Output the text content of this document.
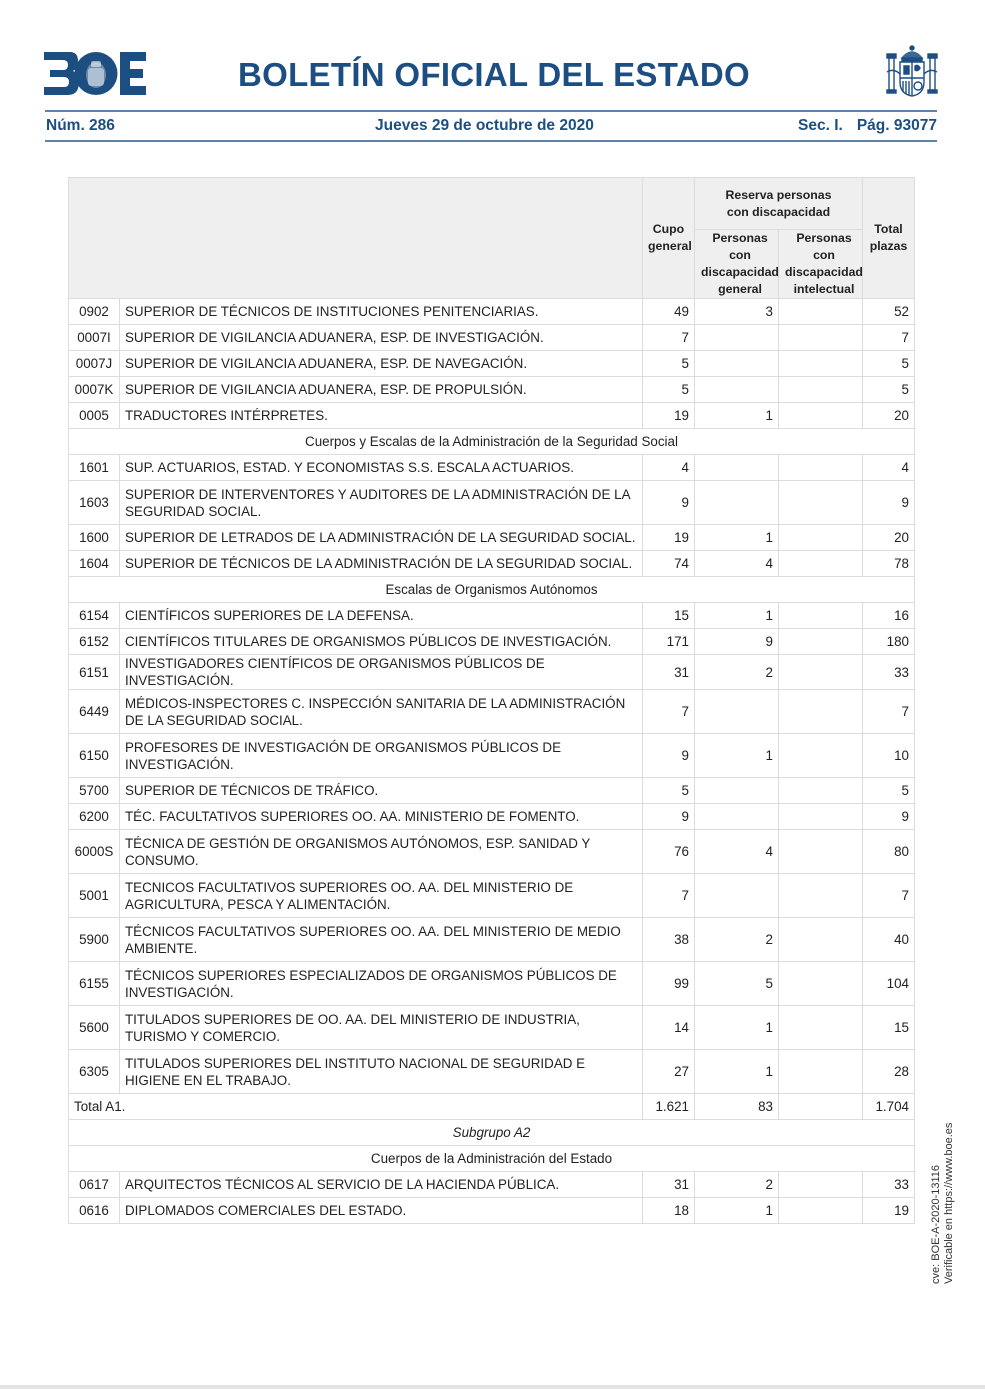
BOLETÍN OFICIAL DEL ESTADO
Núm. 286	Jueves 29 de octubre de 2020	Sec. I. Pág. 93077
		Cupo general	Reserva personas con discapacidad		Total plazas

			Personas con discapacidad general	Personas con discapacidad intelectual	

0902	SUPERIOR DE TÉCNICOS DE INSTITUCIONES PENITENCIARIAS.	49	3		52
0007I	SUPERIOR DE VIGILANCIA ADUANERA, ESP. DE INVESTIGACIÓN.	7			7
0007J	SUPERIOR DE VIGILANCIA ADUANERA, ESP. DE NAVEGACIÓN.	5			5
0007K	SUPERIOR DE VIGILANCIA ADUANERA, ESP. DE PROPULSIÓN.	5			5
0005	TRADUCTORES INTÉRPRETES.	19	1		20
Cuerpos y Escalas de la Administración de la Seguridad Social					
1601	SUP. ACTUARIOS, ESTAD. Y ECONOMISTAS S.S. ESCALA ACTUARIOS.	4			4
1603	SUPERIOR DE INTERVENTORES Y AUDITORES DE LA ADMINISTRACIÓN DE LA SEGURIDAD SOCIAL.	9			9
1600	SUPERIOR DE LETRADOS DE LA ADMINISTRACIÓN DE LA SEGURIDAD SOCIAL.	19	1		20
1604	SUPERIOR DE TÉCNICOS DE LA ADMINISTRACIÓN DE LA SEGURIDAD SOCIAL.	74	4		78
Escalas de Organismos Autónomos					
6154	CIENTÍFICOS SUPERIORES DE LA DEFENSA.	15	1		16
6152	CIENTÍFICOS TITULARES DE ORGANISMOS PÚBLICOS DE INVESTIGACIÓN.	171	9		180
6151	INVESTIGADORES CIENTÍFICOS DE ORGANISMOS PÚBLICOS DE INVESTIGACIÓN.	31	2		33
6449	MÉDICOS-INSPECTORES C. INSPECCIÓN SANITARIA DE LA ADMINISTRACIÓN DE LA SEGURIDAD SOCIAL.	7			7
6150	PROFESORES DE INVESTIGACIÓN DE ORGANISMOS PÚBLICOS DE INVESTIGACIÓN.	9	1		10
5700	SUPERIOR DE TÉCNICOS DE TRÁFICO.	5			5
6200	TÉC. FACULTATIVOS SUPERIORES OO. AA. MINISTERIO DE FOMENTO.	9			9
6000S	TÉCNICA DE GESTIÓN DE ORGANISMOS AUTÓNOMOS, ESP. SANIDAD Y CONSUMO.	76	4		80
5001	TECNICOS FACULTATIVOS SUPERIORES OO. AA. DEL MINISTERIO DE AGRICULTURA, PESCA Y ALIMENTACIÓN.	7			7
5900	TÉCNICOS FACULTATIVOS SUPERIORES OO. AA. DEL MINISTERIO DE MEDIO AMBIENTE.	38	2		40
6155	TÉCNICOS SUPERIORES ESPECIALIZADOS DE ORGANISMOS PÚBLICOS DE INVESTIGACIÓN.	99	5		104
5600	TITULADOS SUPERIORES DE OO. AA. DEL MINISTERIO DE INDUSTRIA, TURISMO Y COMERCIO.	14	1		15
6305	TITULADOS SUPERIORES DEL INSTITUTO NACIONAL DE SEGURIDAD E HIGIENE EN EL TRABAJO.	27	1		28
Total A1.		1.621	83		1.704
Subgrupo A2					
Cuerpos de la Administración del Estado					
0617	ARQUITECTOS TÉCNICOS AL SERVICIO DE LA HACIENDA PÚBLICA.	31	2		33
0616	DIPLOMADOS COMERCIALES DEL ESTADO.	18	1		19 cve: BOE-A-2020-13116 Verificable en https://www.boe.es
